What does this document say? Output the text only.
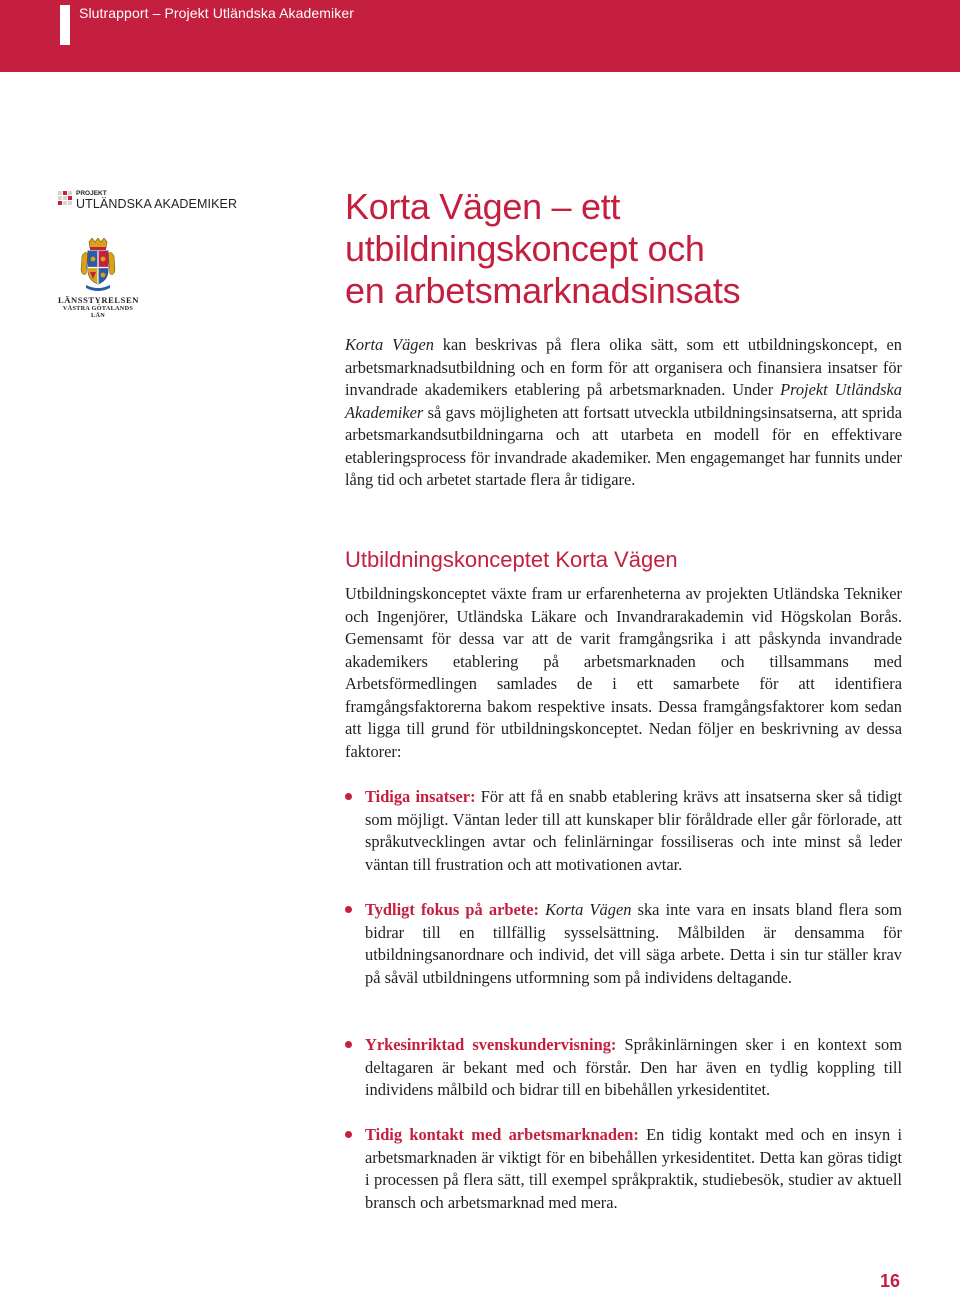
Slutrapport – Projekt Utländska Akademiker
PROJEKT
UTLÄNDSKA AKADEMIKER
LÄNSSTYRELSEN
VÄSTRA GÖTALANDS LÄN
Korta Vägen – ett
utbildningskoncept och
en arbetsmarknadsinsats

Korta Vägen kan beskrivas på flera olika sätt, som ett utbildningskoncept, en arbetsmarknadsutbildning och en form för att organisera och finansiera insatser för invandrade akademikers etablering på arbetsmarknaden. Under Projekt Utländska Akademiker så gavs möjligheten att fortsatt utveckla utbildningsinsatserna, att sprida arbetsmarkandsutbildningarna och att utarbeta en modell för en effektivare etableringsprocess för invandrade akademiker. Men engagemanget har funnits under lång tid och arbetet startade flera år tidigare.

Utbildningskonceptet Korta Vägen

Utbildningskonceptet växte fram ur erfarenheterna av projekten Utländska Tekniker och Ingenjörer, Utländska Läkare och Invandrarakademin vid Högskolan Borås. Gemensamt för dessa var att de varit framgångsrika i att påskynda invandrade akademikers etablering på arbetsmarknaden och tillsammans med Arbetsförmedlingen samlades de i ett samarbete för att identifiera framgångsfaktorerna bakom respektive insats. Dessa framgångsfaktorer kom sedan att ligga till grund för utbildningskonceptet. Nedan följer en beskrivning av dessa faktorer:

Tidiga insatser: För att få en snabb etablering krävs att insatserna sker så tidigt som möjligt. Väntan leder till att kunskaper blir föråldrade eller går förlorade, att språkutvecklingen avtar och felinlärningar fossiliseras och inte minst så leder väntan till frustration och att motivationen avtar.

Tydligt fokus på arbete: Korta Vägen ska inte vara en insats bland flera som bidrar till en tillfällig sysselsättning. Målbilden är densamma för utbildningsanordnare och individ, det vill säga arbete. Detta i sin tur ställer krav på såväl utbildningens utformning som på individens deltagande.

Yrkesinriktad svenskundervisning: Språkinlärningen sker i en kontext som deltagaren är bekant med och förstår. Den har även en tydlig koppling till individens målbild och bidrar till en bibehållen yrkesidentitet.

Tidig kontakt med arbetsmarknaden: En tidig kontakt med och en insyn i arbetsmarknaden är viktigt för en bibehållen yrkesidentitet. Detta kan göras tidigt i processen på flera sätt, till exempel språkpraktik, studiebesök, studier av aktuell bransch och arbetsmarknad med mera.

16
